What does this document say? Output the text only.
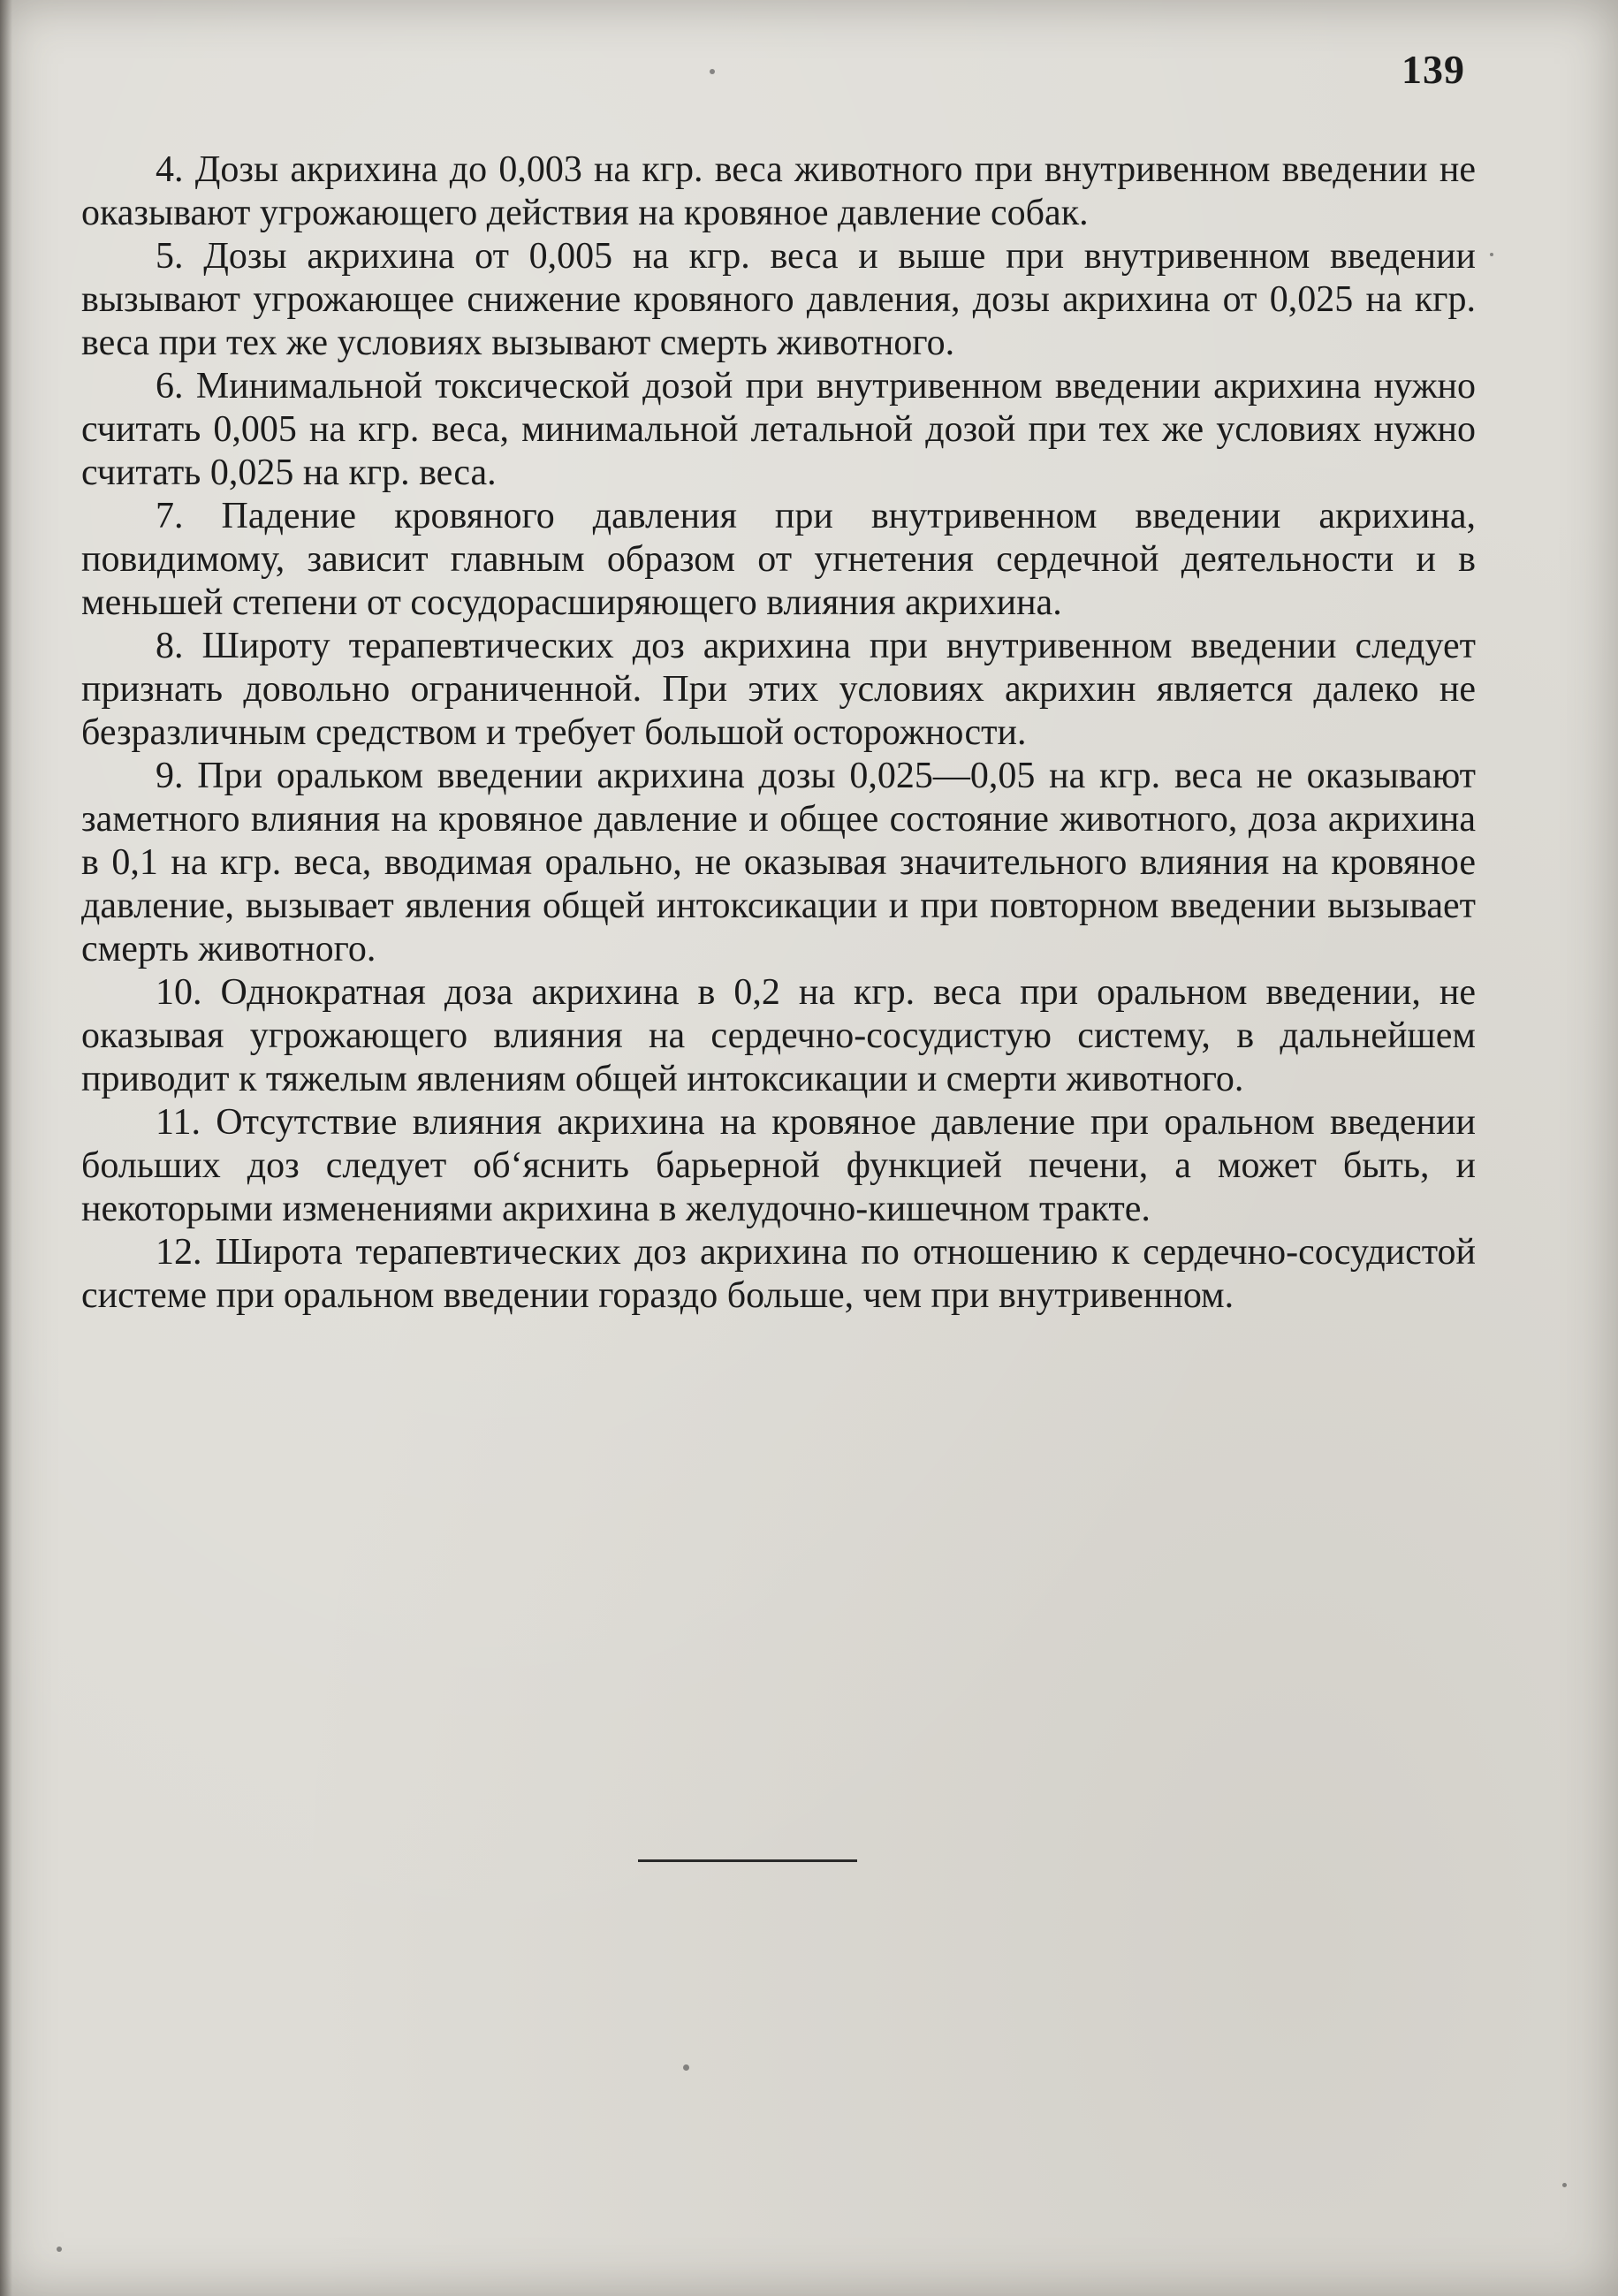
139

4. Дозы акрихина до 0,003 на кгр. веса животного при внутривенном введении не оказывают угрожающего действия на кровяное давление собак.

5. Дозы акрихина от 0,005 на кгр. веса и выше при внутривенном введении вызывают угрожающее снижение кровяного давления, дозы акрихина от 0,025 на кгр. веса при тех же условиях вызывают смерть животного.

6. Минимальной токсической дозой при внутривенном введении акрихина нужно считать 0,005 на кгр. веса, минимальной летальной дозой при тех же условиях нужно считать 0,025 на кгр. веса.

7. Падение кровяного давления при внутривенном введении акрихина, повидимому, зависит главным образом от угнетения сердечной деятельности и в меньшей степени от сосудорасширяющего влияния акрихина.

8. Широту терапевтических доз акрихина при внутривенном введении следует признать довольно ограниченной. При этих условиях акрихин является далеко не безразличным средством и требует большой осторожности.

9. При оральком введении акрихина дозы 0,025—0,05 на кгр. веса не оказывают заметного влияния на кровяное давление и общее состояние животного, доза акрихина в 0,1 на кгр. веса, вводимая орально, не оказывая значительного влияния на кровяное давление, вызывает явления общей интоксикации и при повторном введении вызывает смерть животного.

10. Однократная доза акрихина в 0,2 на кгр. веса при оральном введении, не оказывая угрожающего влияния на сердечно-сосудистую систему, в дальнейшем приводит к тяжелым явлениям общей интоксикации и смерти животного.

11. Отсутствие влияния акрихина на кровяное давление при оральном введении больших доз следует об‘яснить барьерной функцией печени, а может быть, и некоторыми изменениями акрихина в желудочно-кишечном тракте.

12. Широта терапевтических доз акрихина по отношению к сердечно-сосудистой системе при оральном введении гораздо больше, чем при внутривенном.
